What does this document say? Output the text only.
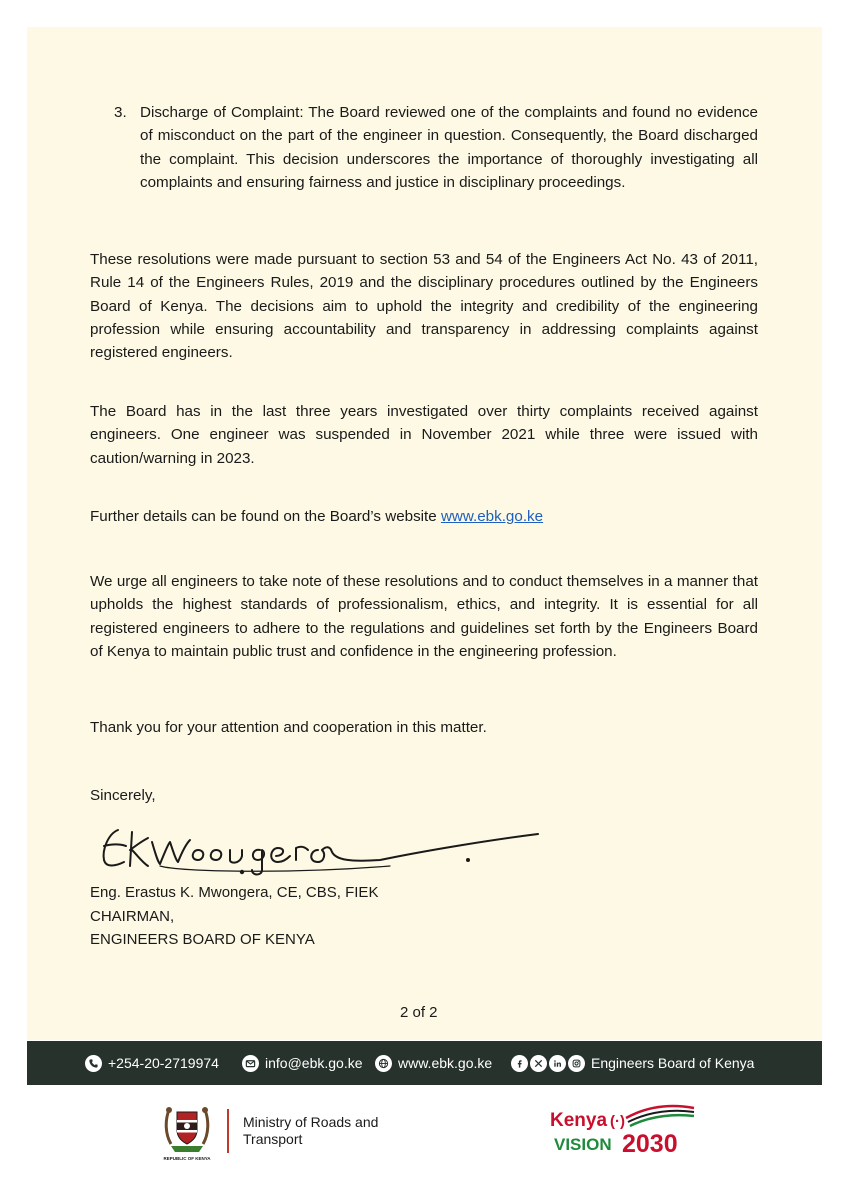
3. Discharge of Complaint: The Board reviewed one of the complaints and found no evidence of misconduct on the part of the engineer in question. Consequently, the Board discharged the complaint. This decision underscores the importance of thoroughly investigating all complaints and ensuring fairness and justice in disciplinary proceedings.
These resolutions were made pursuant to section 53 and 54 of the Engineers Act No. 43 of 2011, Rule 14 of the Engineers Rules, 2019 and the disciplinary procedures outlined by the Engineers Board of Kenya. The decisions aim to uphold the integrity and credibility of the engineering profession while ensuring accountability and transparency in addressing complaints against registered engineers.
The Board has in the last three years investigated over thirty complaints received against engineers. One engineer was suspended in November 2021 while three were issued with caution/warning in 2023.
Further details can be found on the Board’s website www.ebk.go.ke
We urge all engineers to take note of these resolutions and to conduct themselves in a manner that upholds the highest standards of professionalism, ethics, and integrity. It is essential for all registered engineers to adhere to the regulations and guidelines set forth by the Engineers Board of Kenya to maintain public trust and confidence in the engineering profession.
Thank you for your attention and cooperation in this matter.
Sincerely,
Eng. Erastus K. Mwongera, CE, CBS, FIEK
CHAIRMAN,
ENGINEERS BOARD OF KENYA
2 of 2
+254-20-2719974	info@ebk.go.ke	www.ebk.go.ke	Engineers Board of Kenya
REPUBLIC OF KENYA
Ministry of Roads and
Transport
Kenya (·)
VISION 2030
